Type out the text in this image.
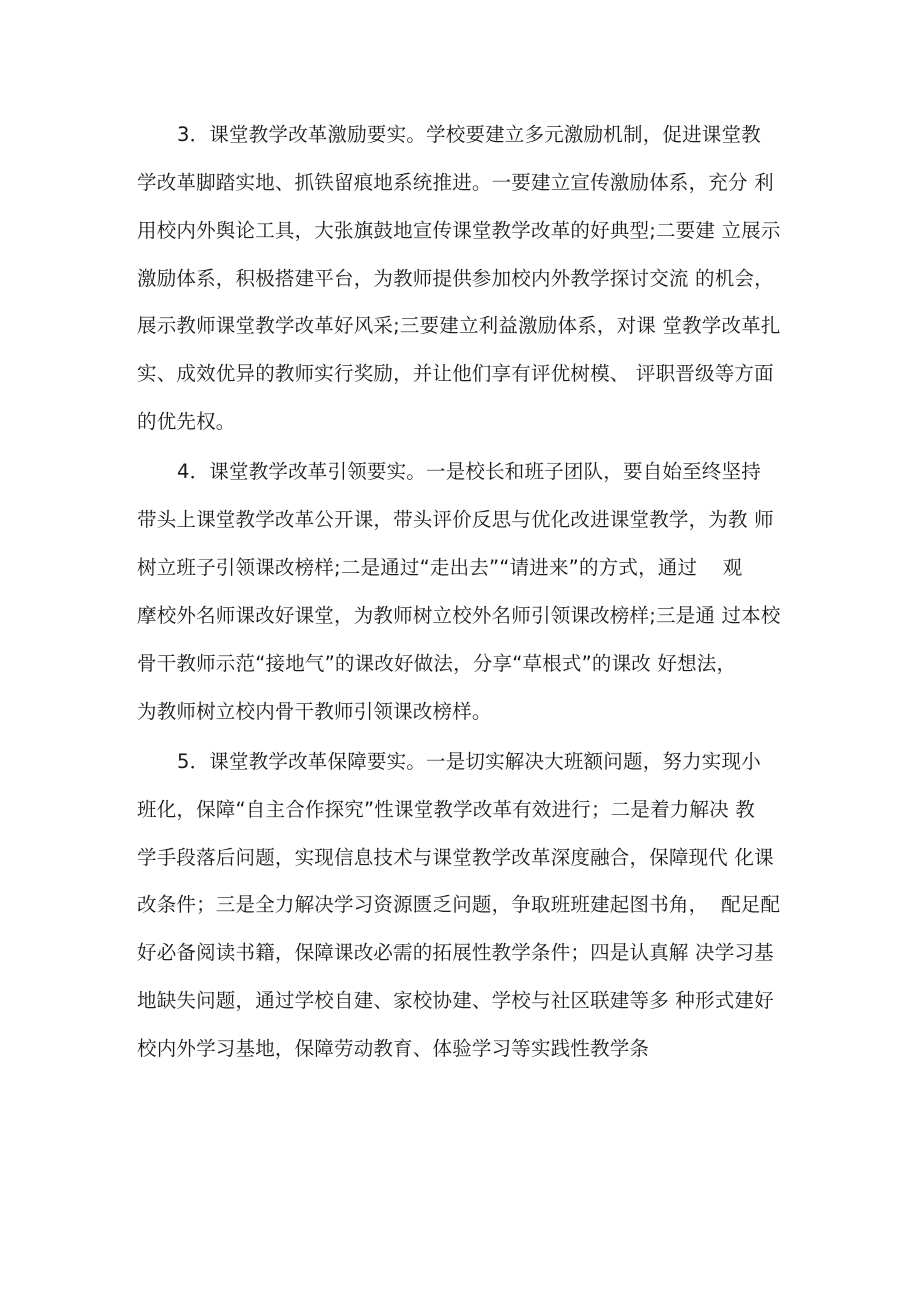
3．课堂教学改革激励要实。学校要建立多元激励机制，促进课堂教
学改革脚踏实地、抓铁留痕地系统推进。一要建立宣传激励体系，充分 利
用校内外舆论工具，大张旗鼓地宣传课堂教学改革的好典型;二要建 立展示
激励体系，积极搭建平台，为教师提供参加校内外教学探讨交流 的机会，
展示教师课堂教学改革好风采;三要建立利益激励体系，对课 堂教学改革扎
实、成效优异的教师实行奖励，并让他们享有评优树模、 评职晋级等方面
的优先权。
4．课堂教学改革引领要实。一是校长和班子团队，要自始至终坚持
带头上课堂教学改革公开课，带头评价反思与优化改进课堂教学，为教 师
树立班子引领课改榜样;二是通过“走出去”“请进来”的方式，通过    观
摩校外名师课改好课堂，为教师树立校外名师引领课改榜样;三是通 过本校
骨干教师示范“接地气”的课改好做法，分享“草根式”的课改 好想法，
为教师树立校内骨干教师引领课改榜样。
5．课堂教学改革保障要实。一是切实解决大班额问题，努力实现小
班化，保障“自主合作探究”性课堂教学改革有效进行；二是着力解决 教
学手段落后问题，实现信息技术与课堂教学改革深度融合，保障现代 化课
改条件；三是全力解决学习资源匮乏问题，争取班班建起图书角，  配足配
好必备阅读书籍，保障课改必需的拓展性教学条件；四是认真解 决学习基
地缺失问题，通过学校自建、家校协建、学校与社区联建等多 种形式建好
校内外学习基地，保障劳动教育、体验学习等实践性教学条
